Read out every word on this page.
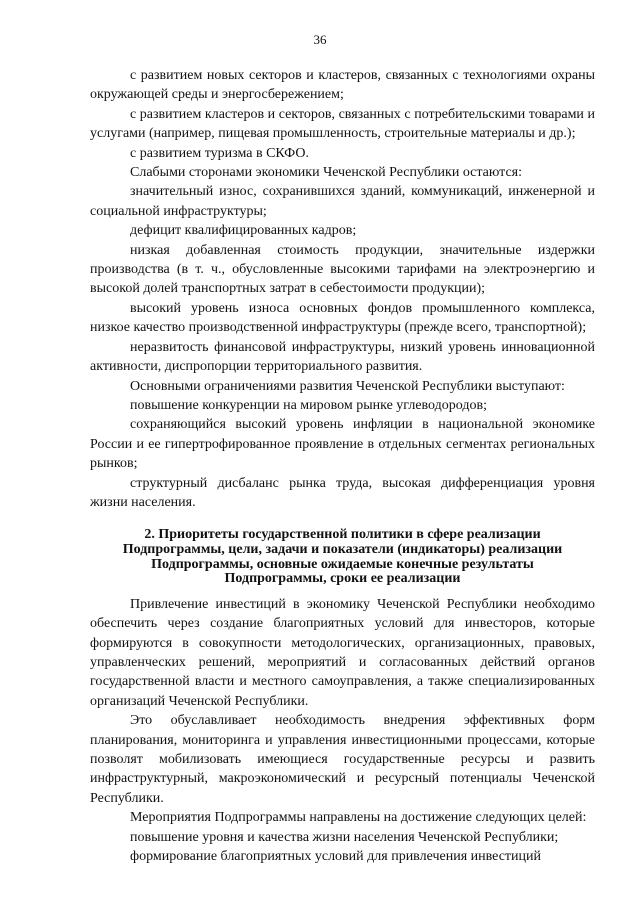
36

с развитием новых секторов и кластеров, связанных с технологиями охраны окружающей среды и энергосбережением;

с развитием кластеров и секторов, связанных с потребительскими товарами и услугами (например, пищевая промышленность, строительные материалы и др.);

с развитием туризма в СКФО.

Слабыми сторонами экономики Чеченской Республики остаются:

значительный износ, сохранившихся зданий, коммуникаций, инженерной и социальной инфраструктуры;

дефицит квалифицированных кадров;

низкая добавленная стоимость продукции, значительные издержки производства (в т. ч., обусловленные высокими тарифами на электроэнергию и высокой долей транспортных затрат в себестоимости продукции);

высокий уровень износа основных фондов промышленного комплекса, низкое качество производственной инфраструктуры (прежде всего, транспортной);

неразвитость финансовой инфраструктуры, низкий уровень инновационной активности, диспропорции территориального развития.

Основными ограничениями развития Чеченской Республики выступают:

повышение конкуренции на мировом рынке углеводородов;

сохраняющийся высокий уровень инфляции в национальной экономике России и ее гипертрофированное проявление в отдельных сегментах региональных рынков;

структурный дисбаланс рынка труда, высокая дифференциация уровня жизни населения.

2. Приоритеты государственной политики в сфере реализации
Подпрограммы, цели, задачи и показатели (индикаторы) реализации
Подпрограммы, основные ожидаемые конечные результаты
Подпрограммы, сроки ее реализации

Привлечение инвестиций в экономику Чеченской Республики необходимо обеспечить через создание благоприятных условий для инвесторов, которые формируются в совокупности методологических, организационных, правовых, управленческих решений, мероприятий и согласованных действий органов государственной власти и местного самоуправления, а также специализированных организаций Чеченской Республики.

Это обуславливает необходимость внедрения эффективных форм планирования, мониторинга и управления инвестиционными процессами, которые позволят мобилизовать имеющиеся государственные ресурсы и развить инфраструктурный, макроэкономический и ресурсный потенциалы Чеченской Республики.

Мероприятия Подпрограммы направлены на достижение следующих целей:

повышение уровня и качества жизни населения Чеченской Республики;

формирование благоприятных условий для привлечения инвестиций
